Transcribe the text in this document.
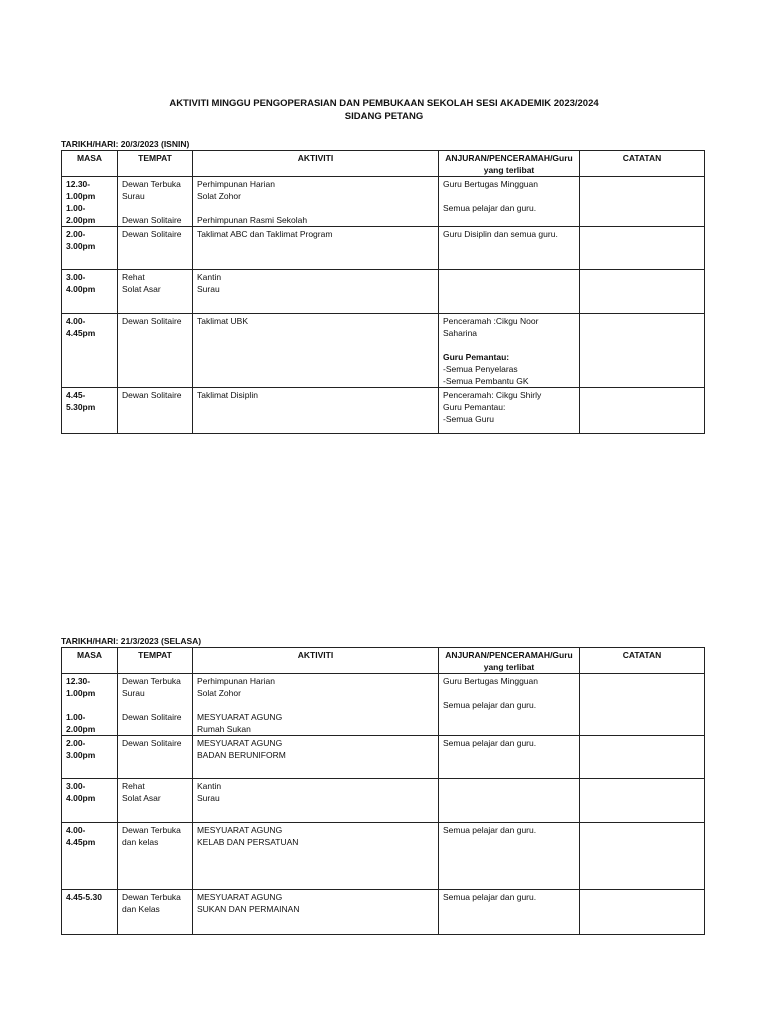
AKTIVITI MINGGU PENGOPERASIAN DAN PEMBUKAAN SEKOLAH SESI AKADEMIK 2023/2024
SIDANG PETANG
TARIKH/HARI: 20/3/2023 (ISNIN)
MASA	TEMPAT	AKTIVITI	ANJURAN/PENCERAMAH/Guru yang terlibat	CATATAN

12.30-
1.00pm
1.00-
2.00pm	Dewan Terbuka
Surau
Dewan Solitaire	Perhimpunan Harian
Solat Zohor
Perhimpunan Rasmi Sekolah	Guru Bertugas Mingguan
Semua pelajar dan guru.	

2.00-
3.00pm	Dewan Solitaire	Taklimat ABC dan Taklimat Program	Guru Disiplin dan semua guru.	

3.00-
4.00pm	Rehat
Solat Asar	Kantin
Surau		

4.00-
4.45pm	Dewan Solitaire	Taklimat UBK	Penceramah :Cikgu Noor
Saharina
Guru Pemantau:
-Semua Penyelaras
-Semua Pembantu GK	

4.45-
5.30pm	Dewan Solitaire	Taklimat Disiplin	Penceramah: Cikgu Shirly
Guru Pemantau:
-Semua Guru	

TARIKH/HARI: 21/3/2023 (SELASA)
MASA	TEMPAT	AKTIVITI	ANJURAN/PENCERAMAH/Guru yang terlibat	CATATAN

12.30-
1.00pm
1.00-
2.00pm	Dewan Terbuka
Surau
Dewan Solitaire	Perhimpunan Harian
Solat Zohor
MESYUARAT AGUNG
Rumah Sukan	Guru Bertugas Mingguan
Semua pelajar dan guru.	

2.00-
3.00pm	Dewan Solitaire	MESYUARAT AGUNG
BADAN BERUNIFORM	Semua pelajar dan guru.	

3.00-
4.00pm	Rehat
Solat Asar	Kantin
Surau		

4.00-
4.45pm	Dewan Terbuka
dan kelas	MESYUARAT AGUNG
KELAB DAN PERSATUAN	Semua pelajar dan guru.	

4.45-5.30	Dewan Terbuka
dan Kelas	MESYUARAT AGUNG
SUKAN DAN PERMAINAN	Semua pelajar dan guru.	
